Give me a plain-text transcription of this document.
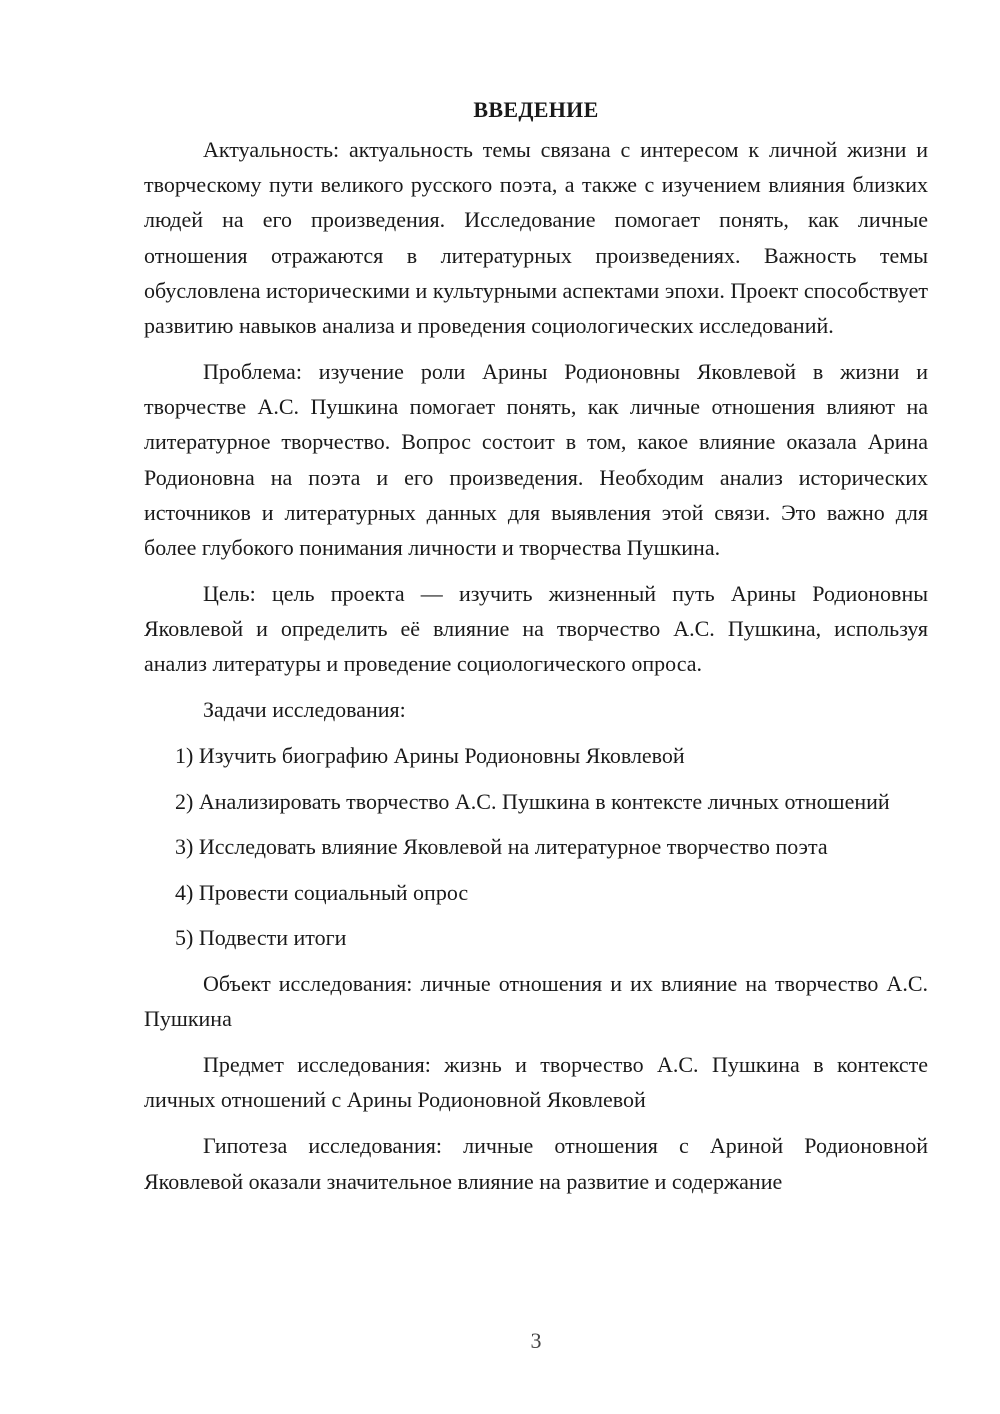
ВВЕДЕНИЕ

Актуальность: актуальность темы связана с интересом к личной жизни и творческому пути великого русского поэта, а также с изучением влияния близких людей на его произведения. Исследование помогает понять, как личные отношения отражаются в литературных произведениях. Важность темы обусловлена историческими и культурными аспектами эпохи. Проект способствует развитию навыков анализа и проведения социологических исследований.

Проблема: изучение роли Арины Родионовны Яковлевой в жизни и творчестве А.С. Пушкина помогает понять, как личные отношения влияют на литературное творчество. Вопрос состоит в том, какое влияние оказала Арина Родионовна на поэта и его произведения. Необходим анализ исторических источников и литературных данных для выявления этой связи. Это важно для более глубокого понимания личности и творчества Пушкина.

Цель: цель проекта — изучить жизненный путь Арины Родионовны Яковлевой и определить её влияние на творчество А.С. Пушкина, используя анализ литературы и проведение социологического опроса.

Задачи исследования:

1) Изучить биографию Арины Родионовны Яковлевой

2) Анализировать творчество А.С. Пушкина в контексте личных отношений

3) Исследовать влияние Яковлевой на литературное творчество поэта

4) Провести социальный опрос

5) Подвести итоги

Объект исследования: личные отношения и их влияние на творчество А.С. Пушкина

Предмет исследования: жизнь и творчество А.С. Пушкина в контексте личных отношений с Арины Родионовной Яковлевой

Гипотеза исследования: личные отношения с Ариной Родионовной Яковлевой оказали значительное влияние на развитие и содержание

3
